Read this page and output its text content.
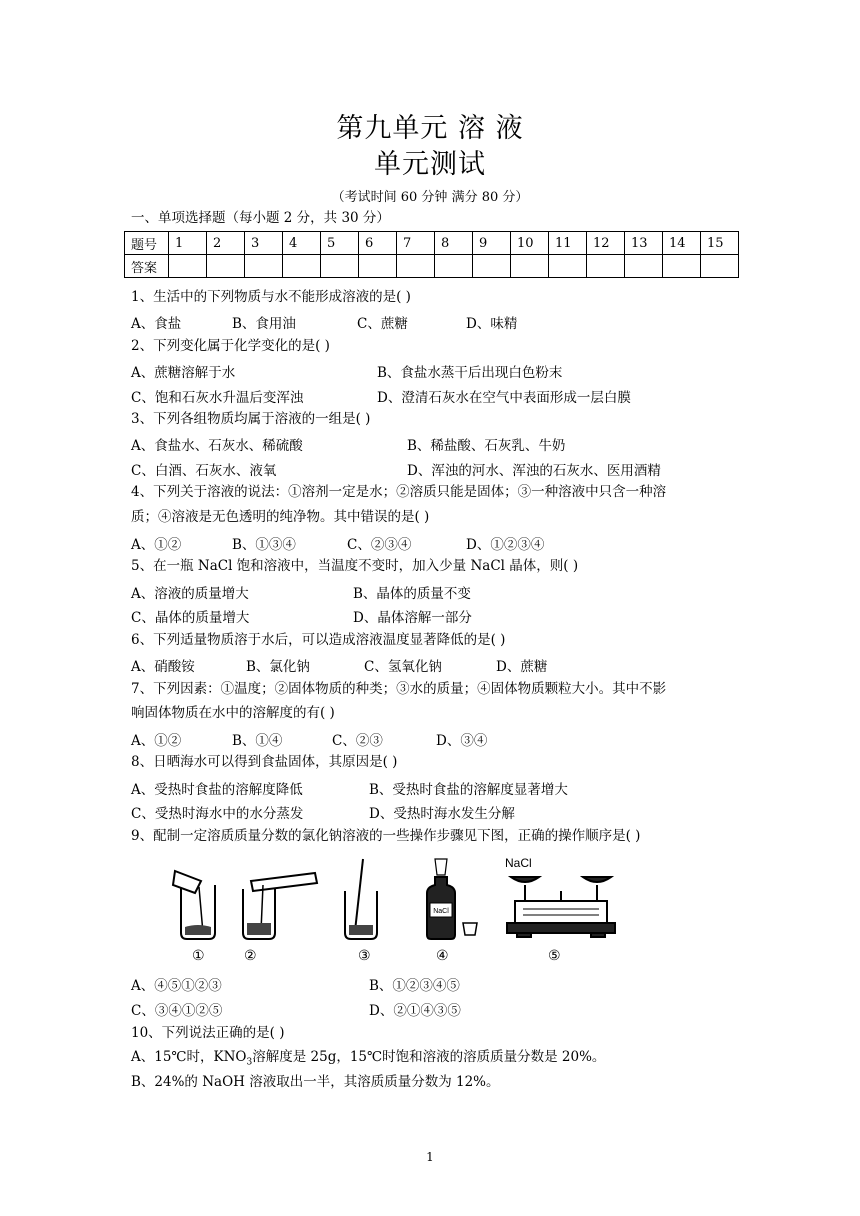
第九单元 溶 液
单元测试
（考试时间 60 分钟 满分 80 分）
一、单项选择题（每小题 2 分，共 30 分）
题号	1	2	3	4	5	6	7	8	9	10	11	12	13	14	15
答案															
1、生活中的下列物质与水不能形成溶液的是( )
A、食盐	B、食用油	C、蔗糖	D、味精
2、下列变化属于化学变化的是( )
A、蔗糖溶解于水	B、食盐水蒸干后出现白色粉末
C、饱和石灰水升温后变浑浊	D、澄清石灰水在空气中表面形成一层白膜
3、下列各组物质均属于溶液的一组是( )
A、食盐水、石灰水、稀硫酸	B、稀盐酸、石灰乳、牛奶
C、白酒、石灰水、液氧	D、浑浊的河水、浑浊的石灰水、医用酒精
4、下列关于溶液的说法：①溶剂一定是水；②溶质只能是固体；③一种溶液中只含一种溶
质；④溶液是无色透明的纯净物。其中错误的是( )
A、①②	B、①③④	C、②③④	D、①②③④
5、在一瓶 NaCl 饱和溶液中，当温度不变时，加入少量 NaCl 晶体，则( )
A、溶液的质量增大	B、晶体的质量不变
C、晶体的质量增大	D、晶体溶解一部分
6、下列适量物质溶于水后，可以造成溶液温度显著降低的是( )
A、硝酸铵	B、氯化钠	C、氢氧化钠	D、蔗糖
7、下列因素：①温度；②固体物质的种类；③水的质量；④固体物质颗粒大小。其中不影
响固体物质在水中的溶解度的有( )
A、①②	B、①④	C、②③	D、③④
8、日晒海水可以得到食盐固体，其原因是( )
A、受热时食盐的溶解度降低	B、受热时食盐的溶解度显著增大
C、受热时海水中的水分蒸发	D、受热时海水发生分解
9、配制一定溶质质量分数的氯化钠溶液的一些操作步骤见下图，正确的操作顺序是( )
NaCl
NaCl
①	②	③	④	⑤
A、④⑤①②③	B、①②③④⑤
C、③④①②⑤	D、②①④③⑤
10、下列说法正确的是( )
A、15℃时，$KNO_3$溶解度是 25g，15℃时饱和溶液的溶质质量分数是 20%。
B、24%的 NaOH 溶液取出一半，其溶质质量分数为 12%。
1
